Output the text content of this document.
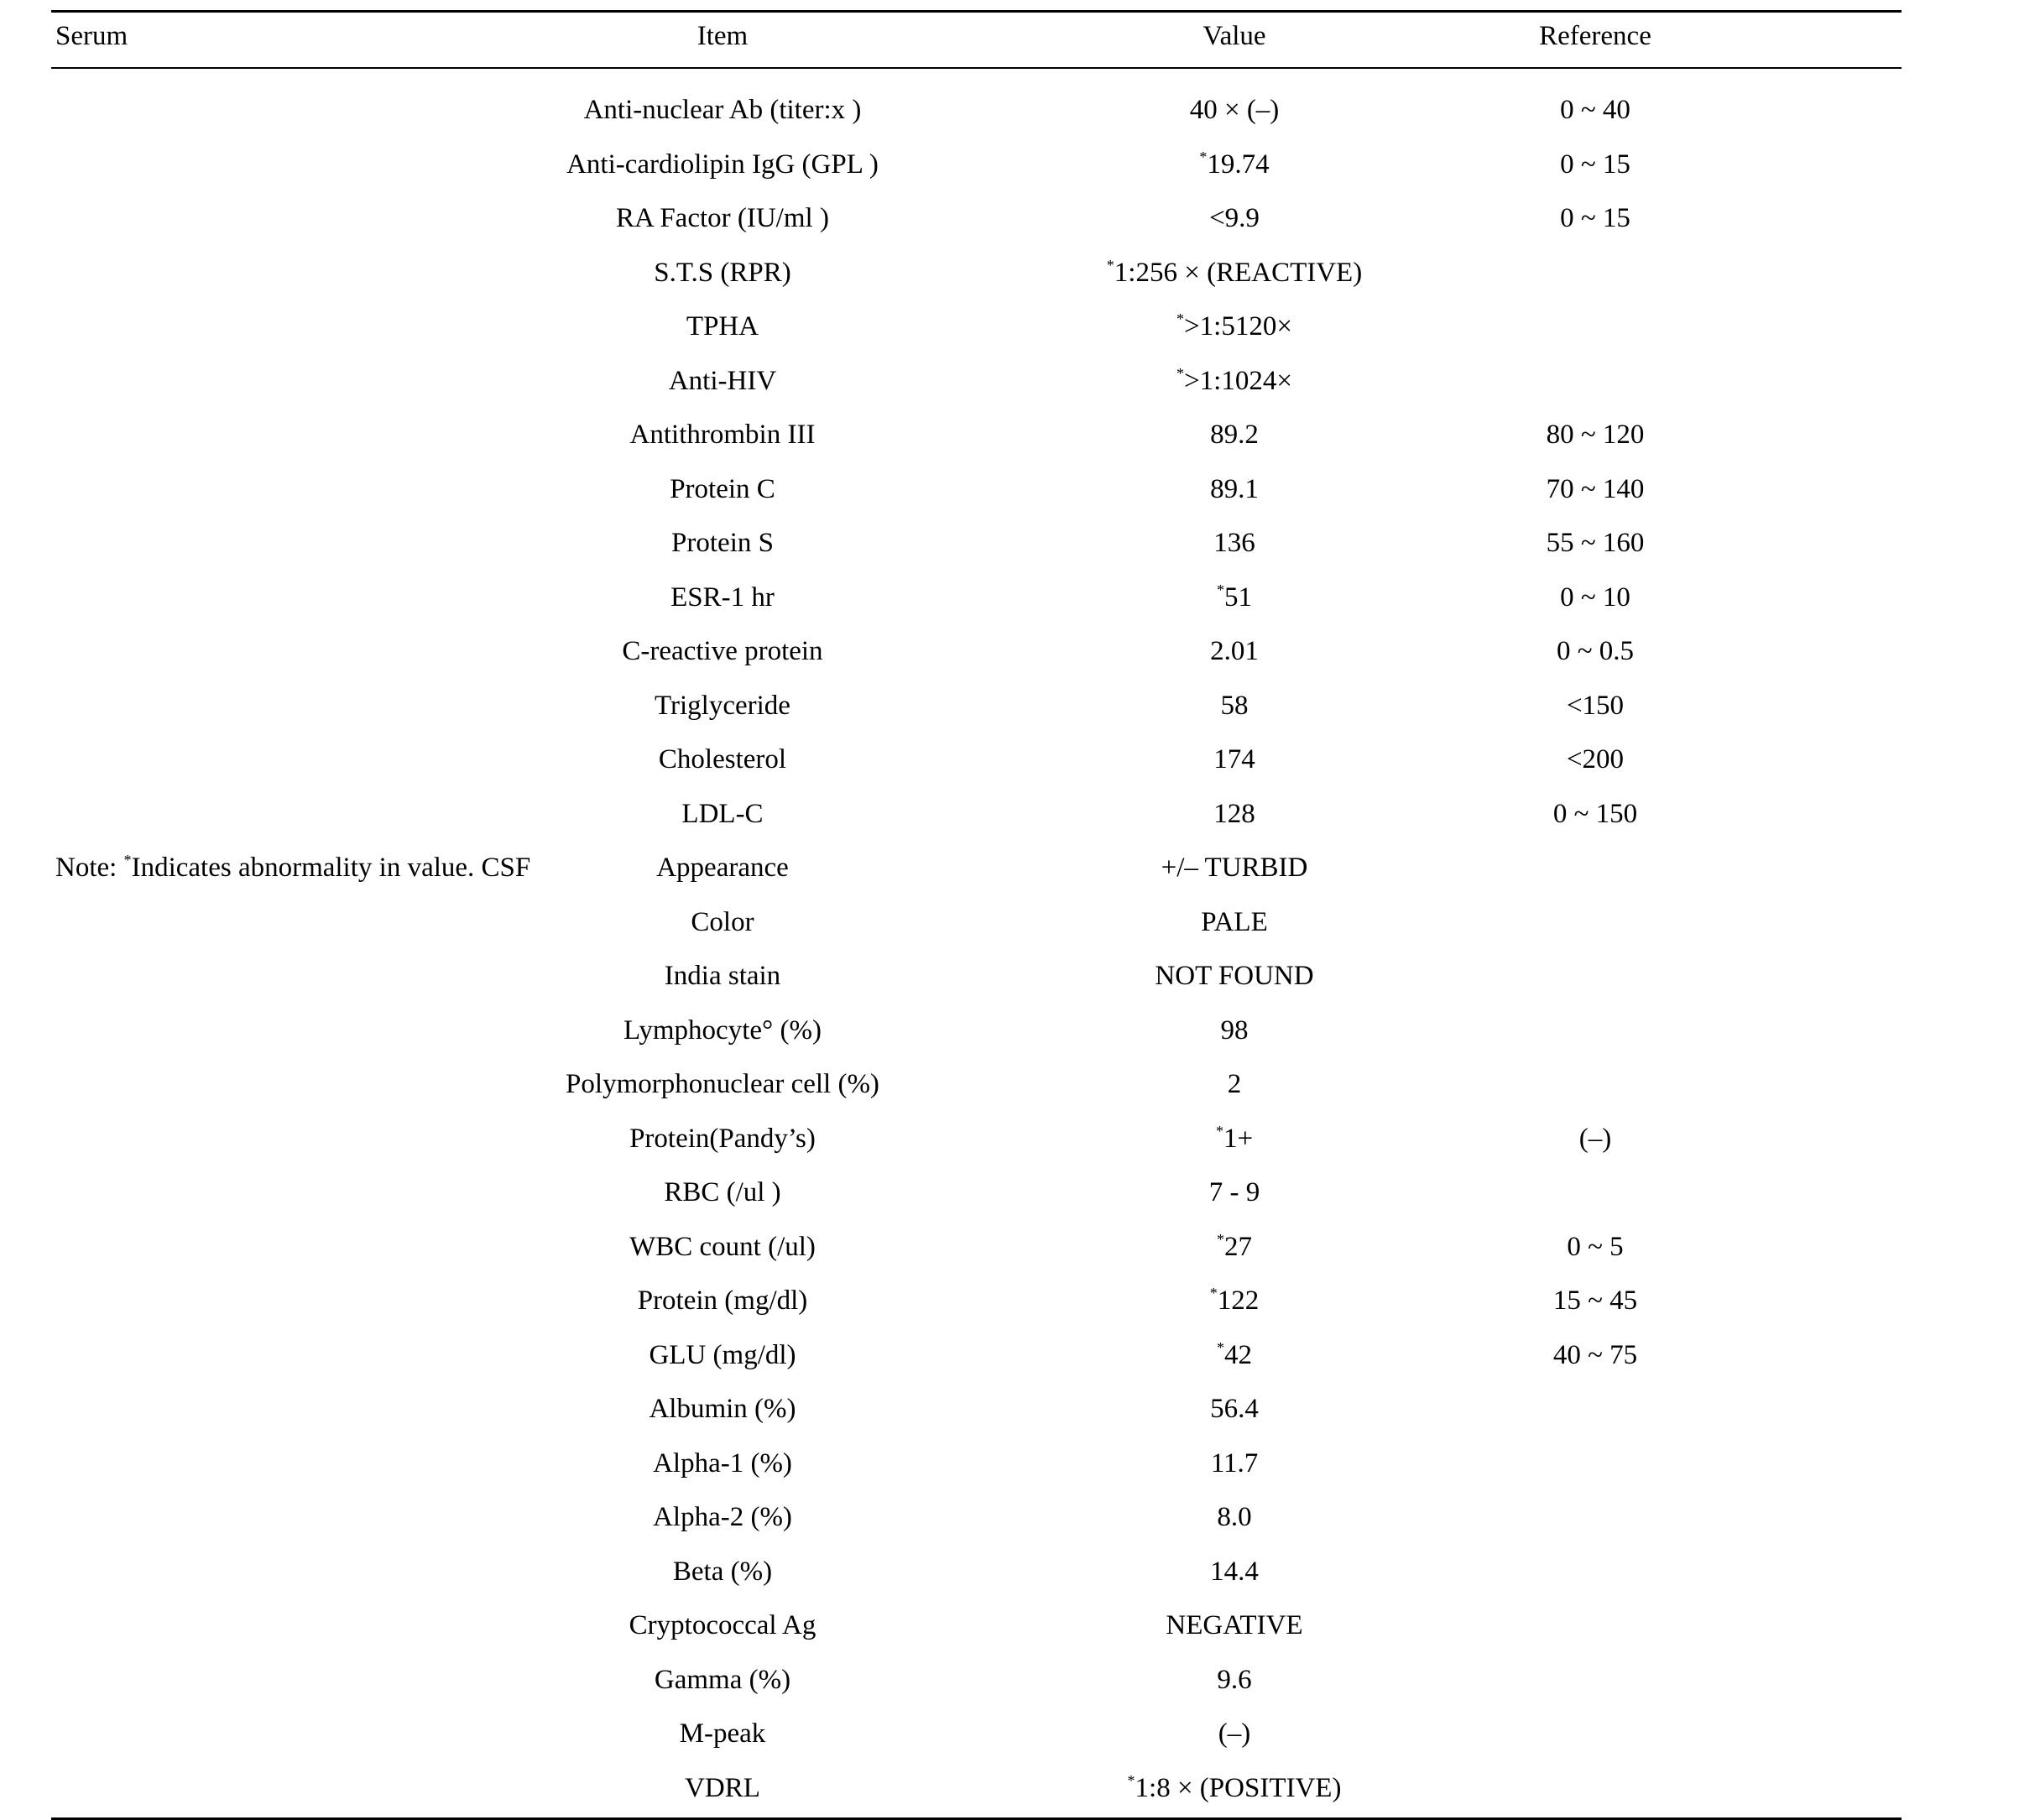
Serum	Item	Value	Reference
Anti-nuclear Ab (titer:x )	40 × (–)	0 ~ 40
Anti-cardiolipin IgG (GPL )	*19.74	0 ~ 15
RA Factor (IU/ml )	<9.9	0 ~ 15
S.T.S (RPR)	*1:256 × (REACTIVE)
TPHA	*>1:5120×
Anti-HIV	*>1:1024×
Antithrombin III	89.2	80 ~ 120
Protein C	89.1	70 ~ 140
Protein S	136	55 ~ 160
ESR-1 hr	*51	0 ~ 10
C-reactive protein	2.01	0 ~ 0.5
Triglyceride	58	<150
Cholesterol	174	<200
LDL-C	128	0 ~ 150
Note: *Indicates abnormality in value. CSF	Appearance	+/– TURBID
Color	PALE
India stain	NOT FOUND
Lymphocyte° (%)	98
Polymorphonuclear cell (%)	2
Protein(Pandy’s)	*1+	(–)
RBC (/ul )	7 - 9
WBC count (/ul)	*27	0 ~ 5
Protein (mg/dl)	*122	15 ~ 45
GLU (mg/dl)	*42	40 ~ 75
Albumin (%)	56.4
Alpha-1 (%)	11.7
Alpha-2 (%)	8.0
Beta (%)	14.4
Cryptococcal Ag	NEGATIVE
Gamma (%)	9.6
M-peak	(–)
VDRL	*1:8 × (POSITIVE)
